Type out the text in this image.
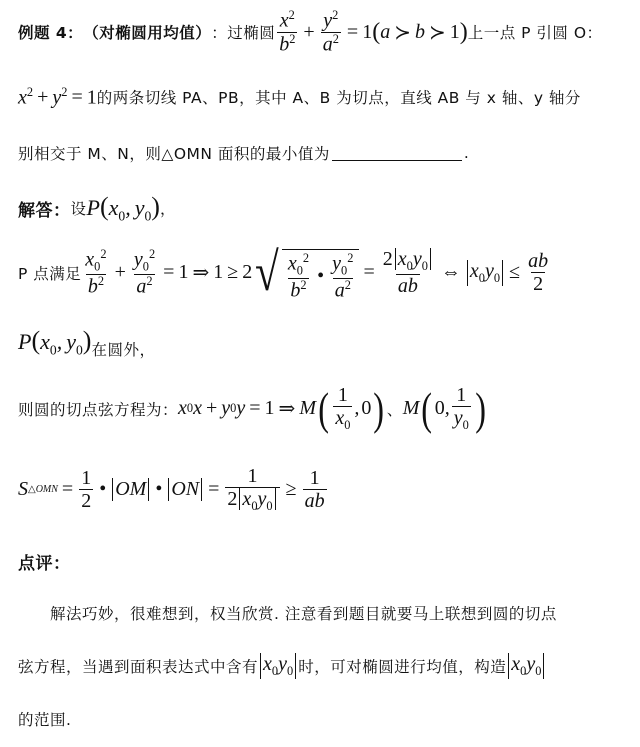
例题 4： （对椭圆用均值） ：过椭圆 $\frac{x^2}{b^2} + \frac{y^2}{a^2} = 1$ ( a ≻ b ≻ 1 ) 上一点 P 引圆 O：
$x^2 + y^2 = 1$ 的两条切线 PA、PB，其中 A、B 为切点，直线 AB 与 x 轴、y 轴分
别相交于 M、N，则△OMN 面积的最小值为	.
解答： 设 $P(x_0$, $y_0$) ，
P 点满足 $\frac{x_0^2}{b^2} + \frac{y_0^2}{a^2} = 1$ ⇒ 1 ≥ 2 √ $\frac{x_0^2}{b^2}$ • $\frac{y_0^2}{a^2} = \frac{2 x_0y_0}{ab}$ ⇔ $x_0y_0 \le \frac{ab}{2}$
$P(x_0$, $y_0$) 在圆外，
则圆的切点弦方程为： x 0 x + y 0 y = 1 ⇒ M ( $\frac{1}{x_0}$ , 0 ) 、 M ( 0 , $\frac{1}{y_0}$ )
S △OMN = $\frac{1}{2}$ • OM • ON = $\frac{1}{2 x_0y_0} \ge \frac{1}{ab}$
点评：
解法巧妙，很难想到，权当欣赏. 注意看到题目就要马上联想到圆的切点
弦方程，当遇到面积表达式中含有 $x_0y_0$ 时，可对椭圆进行均值，构造 $x_0y_0$
的范围.
